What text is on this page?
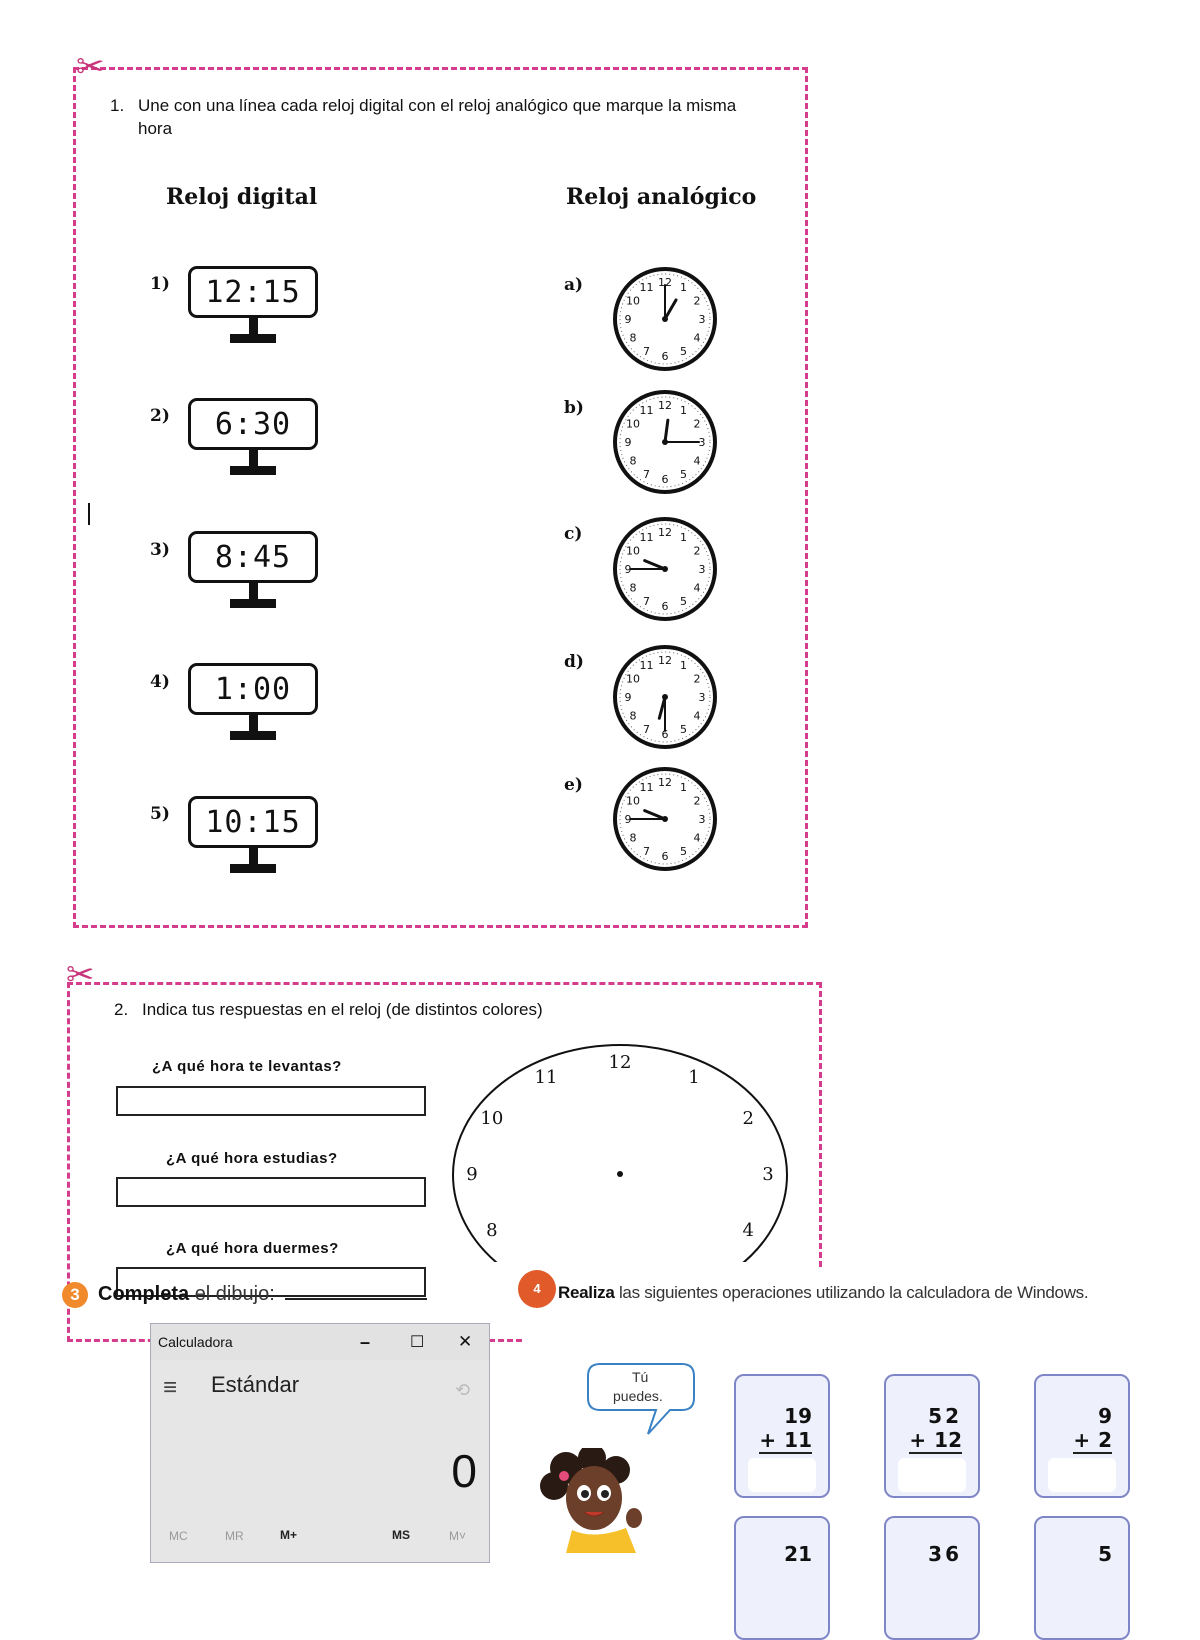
✂
1. Une con una línea cada reloj digital con el reloj analógico que marque la misma
hora
Reloj digital	Reloj analógico
1)	12:15
2)	6:30
3)	8:45
4)	1:00
5)	10:15
a)	12 1
2
3
4
5
6
7
8
9
10
11
b)	12 1
2
3
4
5
6
7
8
9
10
11
c)	12 1
2
3
4
5
6
7
8
9
10
11
d)	12 1
2
3
4
5
6
7
8
9
10
11
e)	12 1
2
3
4
5
6
7
8
9
10
11
✂
2. Indica tus respuestas en el reloj (de distintos colores)
¿A qué hora te levantas?
¿A qué hora estudias?
¿A qué hora duermes?
12
1
2
3
4
8
9
10
11
3 Completa el dibujo:	4	Realiza las siguientes operaciones utilizando la calculadora de Windows.
Calculadora	– ☐ ✕
≡ Estándar	⟲
0
MC	MR	M+	MS	M˅
Tú
puedes.
19
+ 11
52
+ 12
9
+ 2
21	36	5
